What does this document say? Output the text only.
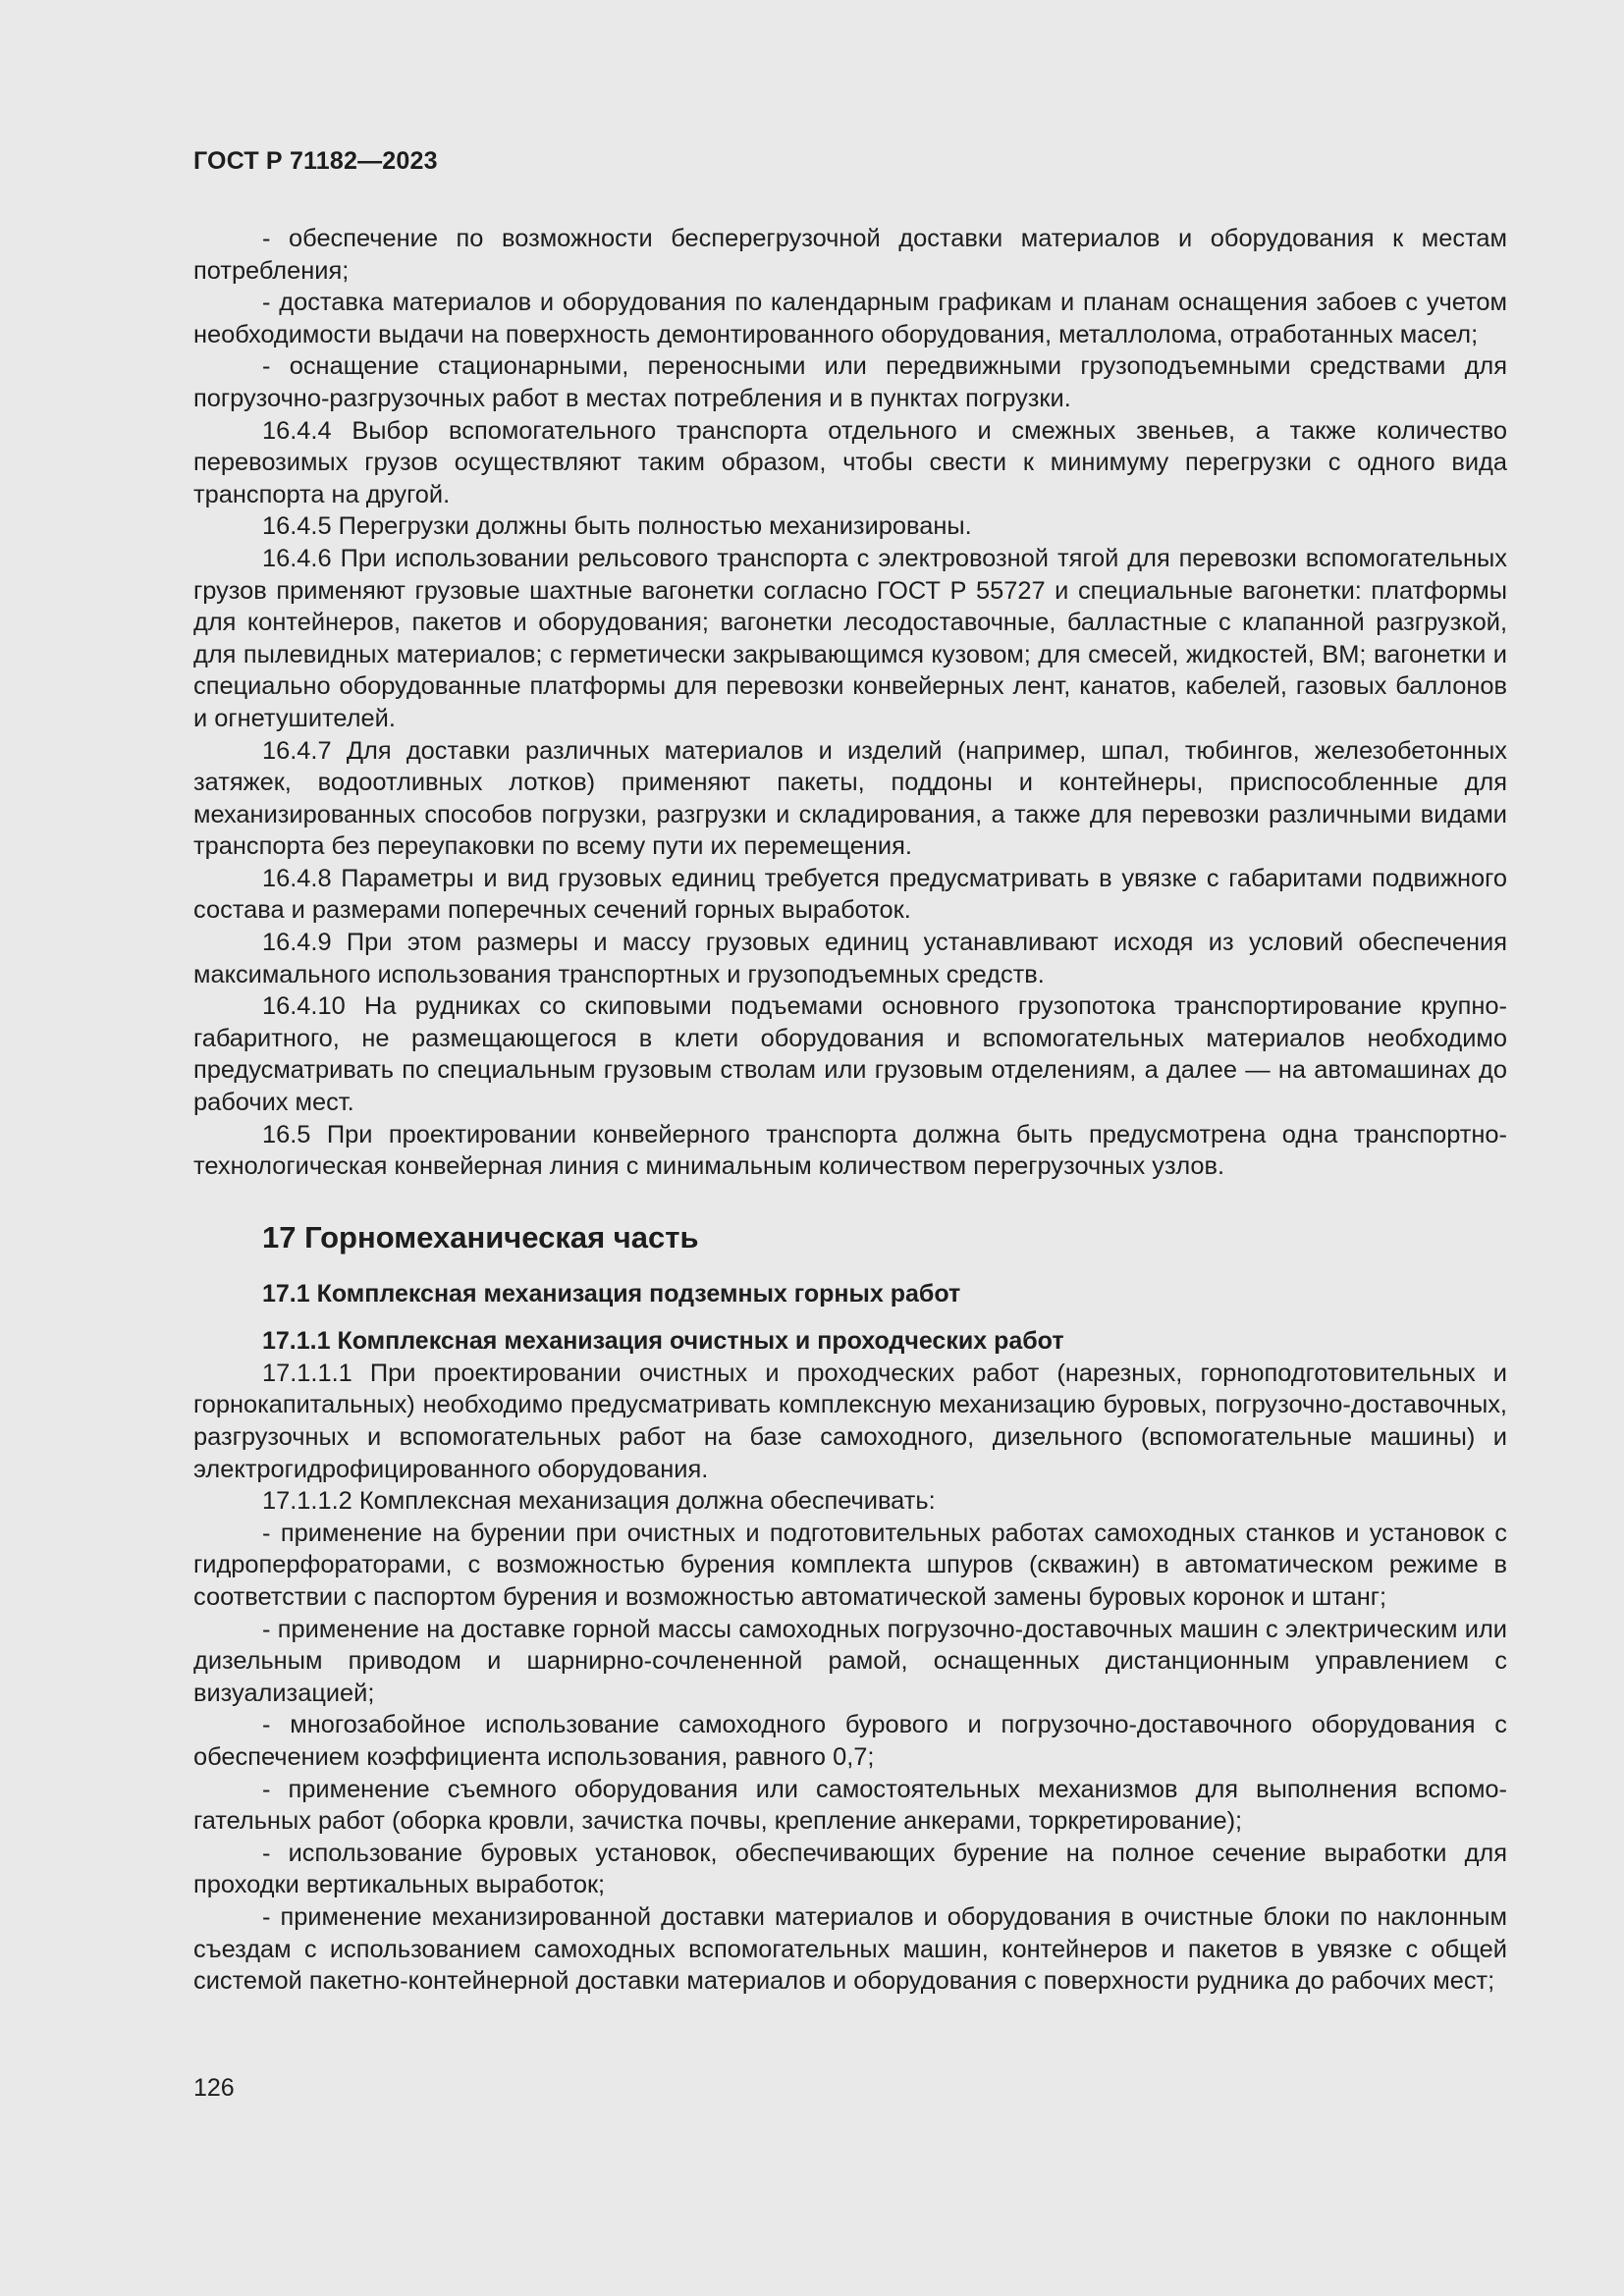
ГОСТ Р 71182—2023

- обеспечение по возможности бесперегрузочной доставки материалов и оборудования к местам потребления;

- доставка материалов и оборудования по календарным графикам и планам оснащения забоев с учетом необходимости выдачи на поверхность демонтированного оборудования, металлолома, отработанных масел;

- оснащение стационарными, переносными или передвижными грузоподъемными средствами для погрузочно-разгрузочных работ в местах потребления и в пунктах погрузки.

16.4.4 Выбор вспомогательного транспорта отдельного и смежных звеньев, а также количество перевозимых грузов осуществляют таким образом, чтобы свести к минимуму перегрузки с одного вида транспорта на другой.

16.4.5 Перегрузки должны быть полностью механизированы.

16.4.6 При использовании рельсового транспорта с электровозной тягой для перевозки вспомогательных грузов применяют грузовые шахтные вагонетки согласно ГОСТ Р 55727 и специальные вагонетки: платформы для контейнеров, пакетов и оборудования; вагонетки лесодоставочные, балластные с клапанной разгрузкой, для пылевидных материалов; с герметически закрывающимся кузовом; для смесей, жидкостей, ВМ; вагонетки и специально оборудованные платформы для перевозки конвейерных лент, канатов, кабелей, газовых баллонов и огнетушителей.

16.4.7 Для доставки различных материалов и изделий (например, шпал, тюбингов, железобетонных затяжек, водоотливных лотков) применяют пакеты, поддоны и контейнеры, приспособленные для механизированных способов погрузки, разгрузки и складирования, а также для перевозки различными видами транспорта без переупаковки по всему пути их перемещения.

16.4.8 Параметры и вид грузовых единиц требуется предусматривать в увязке с габаритами подвижного состава и размерами поперечных сечений горных выработок.

16.4.9 При этом размеры и массу грузовых единиц устанавливают исходя из условий обеспечения максимального использования транспортных и грузоподъемных средств.

16.4.10 На рудниках со скиповыми подъемами основного грузопотока транспортирование крупногабаритного, не размещающегося в клети оборудования и вспомогательных материалов необходимо предусматривать по специальным грузовым стволам или грузовым отделениям, а далее — на автомашинах до рабочих мест.

16.5 При проектировании конвейерного транспорта должна быть предусмотрена одна транспортно-технологическая конвейерная линия с минимальным количеством перегрузочных узлов.

17 Горномеханическая часть
17.1 Комплексная механизация подземных горных работ
17.1.1 Комплексная механизация очистных и проходческих работ

17.1.1.1 При проектировании очистных и проходческих работ (нарезных, горноподготовительных и горнокапитальных) необходимо предусматривать комплексную механизацию буровых, погрузочно-доставочных, разгрузочных и вспомогательных работ на базе самоходного, дизельного (вспомогательные машины) и электрогидрофицированного оборудования.

17.1.1.2 Комплексная механизация должна обеспечивать:

- применение на бурении при очистных и подготовительных работах самоходных станков и установок с гидроперфораторами, с возможностью бурения комплекта шпуров (скважин) в автоматическом режиме в соответствии с паспортом бурения и возможностью автоматической замены буровых коронок и штанг;

- применение на доставке горной массы самоходных погрузочно-доставочных машин с электрическим или дизельным приводом и шарнирно-сочлененной рамой, оснащенных дистанционным управлением с визуализацией;

- многозабойное использование самоходного бурового и погрузочно-доставочного оборудования с обеспечением коэффициента использования, равного 0,7;

- применение съемного оборудования или самостоятельных механизмов для выполнения вспомогательных работ (оборка кровли, зачистка почвы, крепление анкерами, торкретирование);

- использование буровых установок, обеспечивающих бурение на полное сечение выработки для проходки вертикальных выработок;

- применение механизированной доставки материалов и оборудования в очистные блоки по наклонным съездам с использованием самоходных вспомогательных машин, контейнеров и пакетов в увязке с общей системой пакетно-контейнерной доставки материалов и оборудования с поверхности рудника до рабочих мест;

126
